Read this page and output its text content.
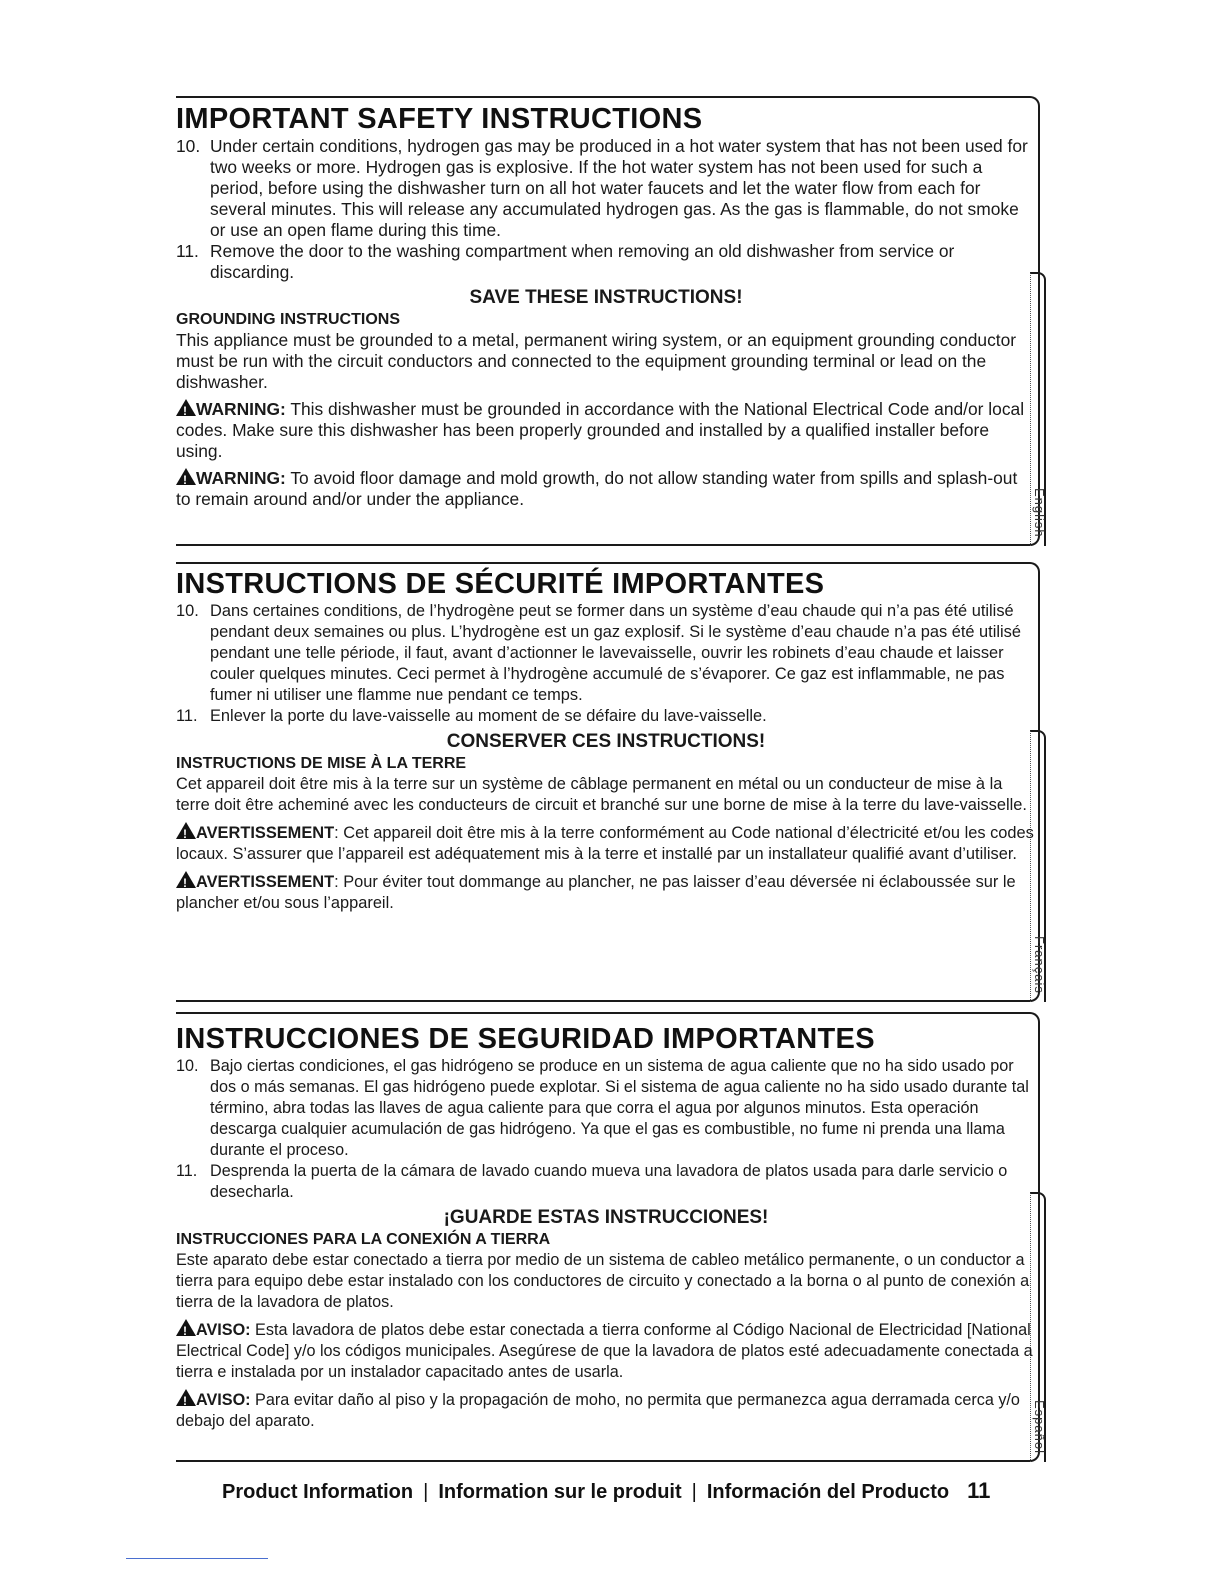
English
IMPORTANT SAFETY INSTRUCTIONS
10. Under certain conditions, hydrogen gas may be produced in a hot water system that has not been used for two weeks or more. Hydrogen gas is explosive. If the hot water system has not been used for such a period, before using the dishwasher turn on all hot water faucets and let the water flow from each for several minutes. This will release any accumulated hydrogen gas. As the gas is flammable, do not smoke or use an open flame during this time.
11. Remove the door to the washing compartment when removing an old dishwasher from service or discarding.
SAVE THESE INSTRUCTIONS!
GROUNDING INSTRUCTIONS

This appliance must be grounded to a metal, permanent wiring system, or an equipment grounding conductor must be run with the circuit conductors and connected to the equipment grounding terminal or lead on the dishwasher.

!WARNING: This dishwasher must be grounded in accordance with the National Electrical Code and/or local codes. Make sure this dishwasher has been properly grounded and installed by a qualified installer before using.

!WARNING: To avoid floor damage and mold growth, do not allow standing water from spills and splash-out to remain around and/or under the appliance.

Français
INSTRUCTIONS DE SÉCURITÉ IMPORTANTES
10. Dans certaines conditions, de l’hydrogène peut se former dans un système d’eau chaude qui n’a pas été utilisé pendant deux semaines ou plus. L’hydrogène est un gaz explosif. Si le système d’eau chaude n’a pas été utilisé pendant une telle période, il faut, avant d’actionner le lavevaisselle, ouvrir les robinets d’eau chaude et laisser couler quelques minutes. Ceci permet à l’hydrogène accumulé de s’évaporer. Ce gaz est inflammable, ne pas fumer ni utiliser une flamme nue pendant ce temps.
11. Enlever la porte du lave-vaisselle au moment de se défaire du lave-vaisselle.
CONSERVER CES INSTRUCTIONS!
INSTRUCTIONS DE MISE À LA TERRE

Cet appareil doit être mis à la terre sur un système de câblage permanent en métal ou un conducteur de mise à la terre doit être acheminé avec les conducteurs de circuit et branché sur une borne de mise à la terre du lave-vaisselle.

!AVERTISSEMENT: Cet appareil doit être mis à la terre conformément au Code national d’électricité et/ou les codes locaux. S’assurer que l’appareil est adéquatement mis à la terre et installé par un installateur qualifié avant d’utiliser.

!AVERTISSEMENT: Pour éviter tout dommange au plancher, ne pas laisser d’eau déversée ni éclaboussée sur le plancher et/ou sous l’appareil.

Español
INSTRUCCIONES DE SEGURIDAD IMPORTANTES
10. Bajo ciertas condiciones, el gas hidrógeno se produce en un sistema de agua caliente que no ha sido usado por dos o más semanas. El gas hidrógeno puede explotar. Si el sistema de agua caliente no ha sido usado durante tal término, abra todas las llaves de agua caliente para que corra el agua por algunos minutos. Esta operación descarga cualquier acumulación de gas hidrógeno. Ya que el gas es combustible, no fume ni prenda una llama durante el proceso.
11. Desprenda la puerta de la cámara de lavado cuando mueva una lavadora de platos usada para darle servicio o desecharla.
¡GUARDE ESTAS INSTRUCCIONES!
INSTRUCCIONES PARA LA CONEXIÓN A TIERRA

Este aparato debe estar conectado a tierra por medio de un sistema de cableo metálico permanente, o un conductor a tierra para equipo debe estar instalado con los conductores de circuito y conectado a la borna o al punto de conexión a tierra de la lavadora de platos.

!AVISO: Esta lavadora de platos debe estar conectada a tierra conforme al Código Nacional de Electricidad [National Electrical Code] y/o los códigos municipales. Asegúrese de que la lavadora de platos esté adecuadamente conectada a tierra e instalada por un instalador capacitado antes de usarla.

!AVISO: Para evitar daño al piso y la propagación de moho, no permita que permanezca agua derramada cerca y/o debajo del aparato.

Product Information | Information sur le produit | Información del Producto 11
